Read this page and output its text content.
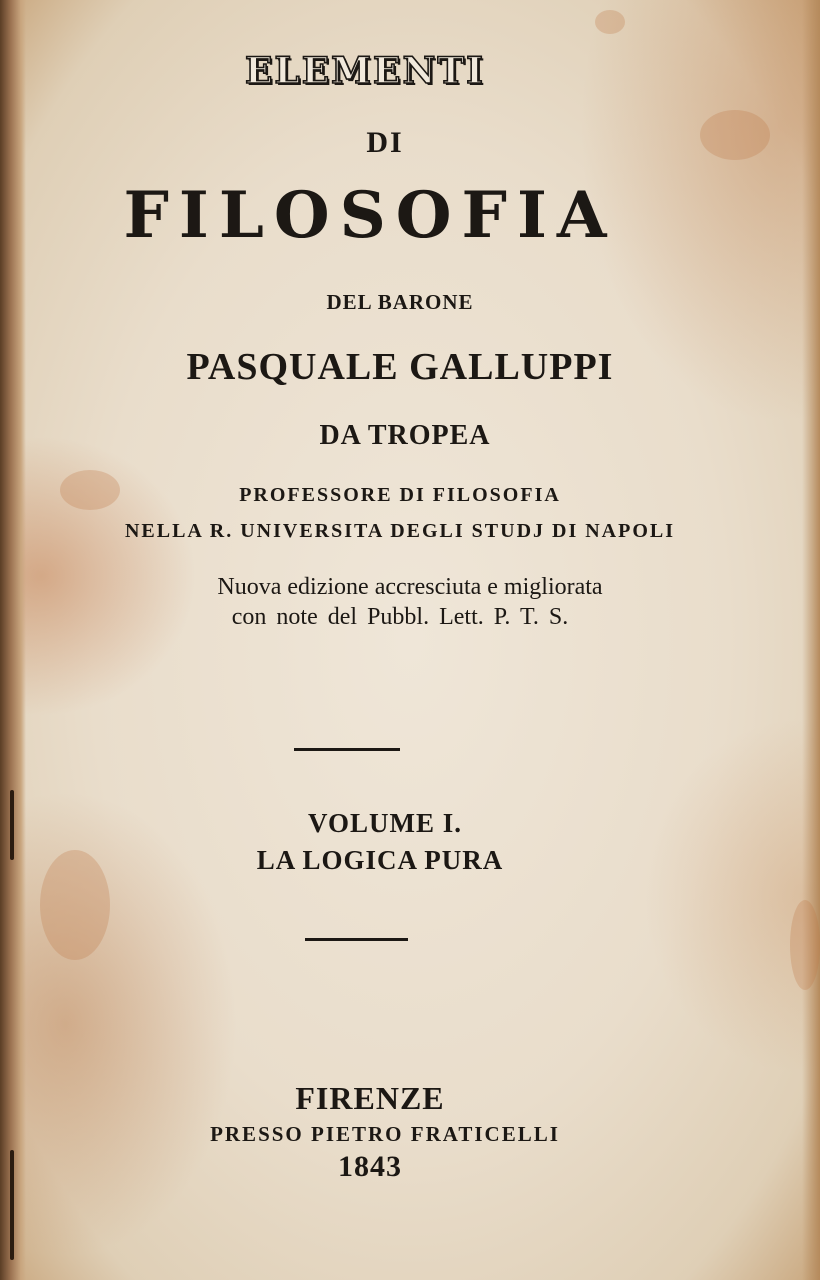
ELEMENTI
DI
FILOSOFIA
DEL BARONE
PASQUALE GALLUPPI
DA TROPEA
PROFESSORE DI FILOSOFIA
NELLA R. UNIVERSITA DEGLI STUDJ DI NAPOLI
Nuova edizione accresciuta e migliorata
con note del Pubbl. Lett. P. T. S.
VOLUME I.
LA LOGICA PURA
FIRENZE
PRESSO PIETRO FRATICELLI
1843
